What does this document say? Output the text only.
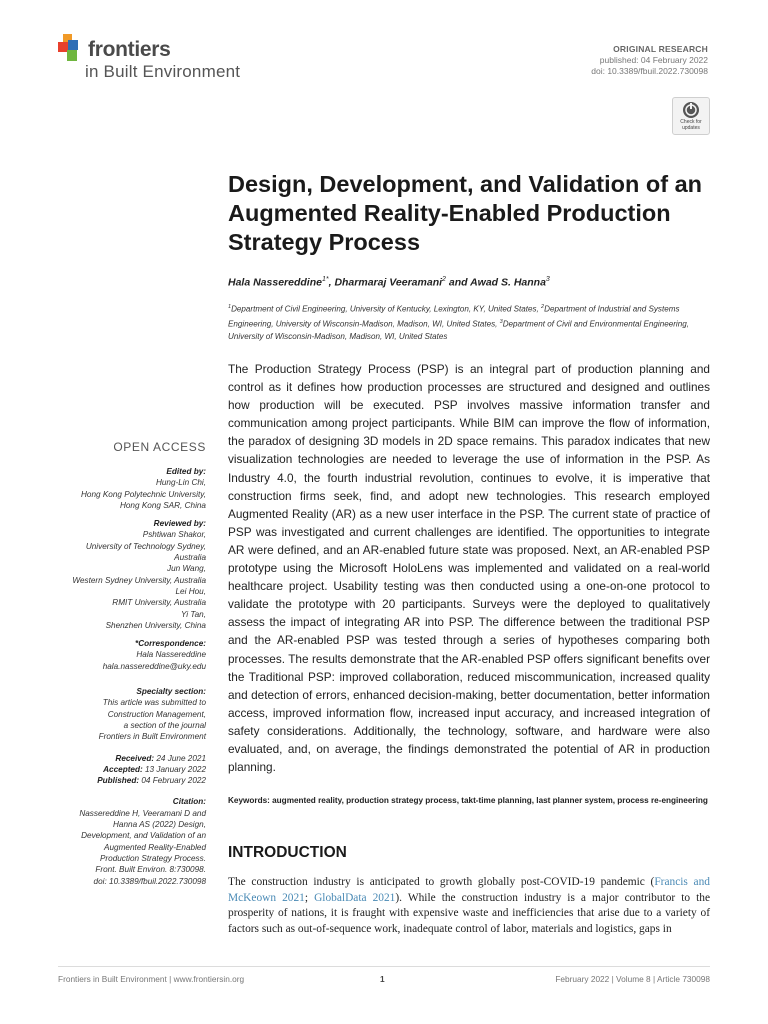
frontiers
in Built Environment
ORIGINAL RESEARCH
published: 04 February 2022
doi: 10.3389/fbuil.2022.730098
Check for updates
Design, Development, and Validation of an Augmented Reality-Enabled Production Strategy Process
Hala Nassereddine$^{1*}$, Dharmaraj Veeramani$^2$ and Awad S. Hanna$^3$

$^1$Department of Civil Engineering, University of Kentucky, Lexington, KY, United States, $^2$Department of Industrial and Systems Engineering, University of Wisconsin-Madison, Madison, WI, United States, $^3$Department of Civil and Environmental Engineering, University of Wisconsin-Madison, Madison, WI, United States

The Production Strategy Process (PSP) is an integral part of production planning and control as it defines how production processes are structured and designed and outlines how production will be executed. PSP involves massive information transfer and communication among project participants. While BIM can improve the flow of information, the paradox of designing 3D models in 2D space remains. This paradox indicates that new visualization technologies are needed to leverage the use of information in the PSP. As Industry 4.0, the fourth industrial revolution, continues to evolve, it is imperative that construction firms seek, find, and adopt new technologies. This research employed Augmented Reality (AR) as a new user interface in the PSP. The current state of practice of PSP was investigated and current challenges are identified. The opportunities to integrate AR were defined, and an AR-enabled future state was proposed. Next, an AR-enabled PSP prototype using the Microsoft HoloLens was implemented and validated on a real-world healthcare project. Usability testing was then conducted using a one-on-one protocol to validate the prototype with 20 participants. Surveys were the deployed to qualitatively assess the impact of integrating AR into PSP. The difference between the traditional PSP and the AR-enabled PSP was tested through a series of hypotheses comparing both processes. The results demonstrate that the AR-enabled PSP offers significant benefits over the Traditional PSP: improved collaboration, reduced miscommunication, increased quality and detection of errors, enhanced decision-making, better documentation, better information access, improved information flow, increased input accuracy, and increased integration of safety considerations. Additionally, the technology, software, and hardware were also evaluated, and, on average, the findings demonstrated the potential of AR in production planning.

Keywords: augmented reality, production strategy process, takt-time planning, last planner system, process re-engineering

INTRODUCTION

The construction industry is anticipated to growth globally post-COVID-19 pandemic (Francis and McKeown 2021; GlobalData 2021). While the construction industry is a major contributor to the prosperity of nations, it is fraught with expensive waste and inefficiencies that arise due to a variety of factors such as out-of-sequence work, inadequate control of labor, materials and logistics, gaps in

OPEN ACCESS
Edited by:
Hung-Lin Chi,
Hong Kong Polytechnic University,
Hong Kong SAR, China
Reviewed by:
Pshtiwan Shakor,
University of Technology Sydney,
Australia
Jun Wang,
Western Sydney University, Australia
Lei Hou,
RMIT University, Australia
Yi Tan,
Shenzhen University, China
*Correspondence:
Hala Nassereddine
hala.nassereddine@uky.edu
Specialty section:
This article was submitted to
Construction Management,
a section of the journal
Frontiers in Built Environment
Received: 24 June 2021
Accepted: 13 January 2022
Published: 04 February 2022
Citation:
Nassereddine H, Veeramani D and
Hanna AS (2022) Design,
Development, and Validation of an
Augmented Reality-Enabled
Production Strategy Process.
Front. Built Environ. 8:730098.
doi: 10.3389/fbuil.2022.730098
Frontiers in Built Environment | www.frontiersin.org	1	February 2022 | Volume 8 | Article 730098
